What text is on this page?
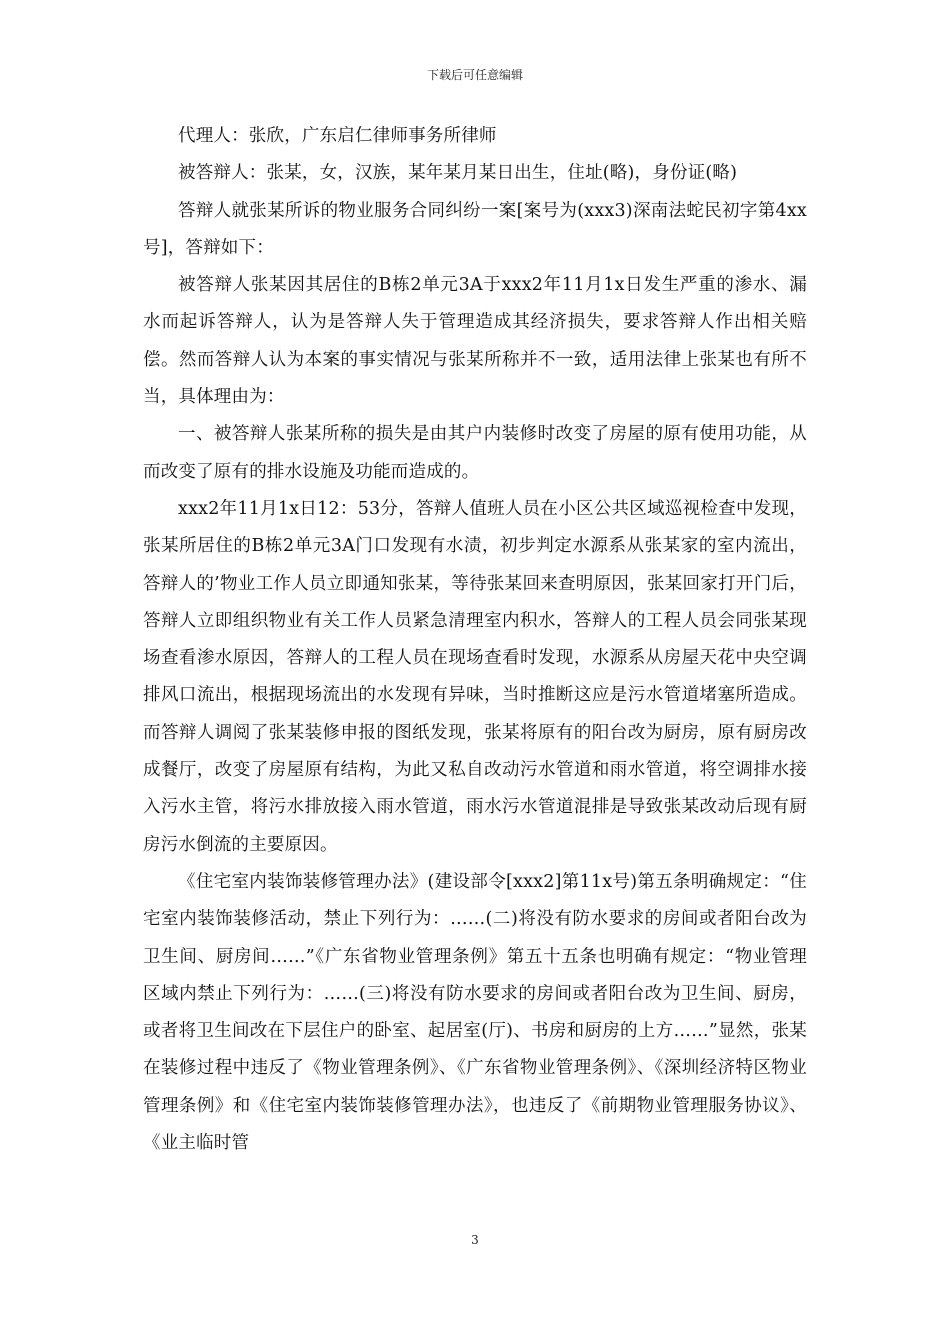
下载后可任意编辑

代理人：张欣，广东启仁律师事务所律师

被答辩人：张某，女，汉族，某年某月某日出生，住址(略)，身份证(略)

答辩人就张某所诉的物业服务合同纠纷一案[案号为(xxx3)深南法蛇民初字第4xx号]，答辩如下：

被答辩人张某因其居住的B栋2单元3A于xxx2年11月1x日发生严重的渗水、漏水而起诉答辩人，认为是答辩人失于管理造成其经济损失，要求答辩人作出相关赔偿。然而答辩人认为本案的事实情况与张某所称并不一致，适用法律上张某也有所不当，具体理由为：

一、被答辩人张某所称的损失是由其户内装修时改变了房屋的原有使用功能，从而改变了原有的排水设施及功能而造成的。

xxx2年11月1x日12：53分，答辩人值班人员在小区公共区域巡视检查中发现，张某所居住的B栋2单元3A门口发现有水渍，初步判定水源系从张某家的室内流出，答辩人的’物业工作人员立即通知张某，等待张某回来查明原因，张某回家打开门后，答辩人立即组织物业有关工作人员紧急清理室内积水，答辩人的工程人员会同张某现场查看渗水原因，答辩人的工程人员在现场查看时发现，水源系从房屋天花中央空调排风口流出，根据现场流出的水发现有异味，当时推断这应是污水管道堵塞所造成。而答辩人调阅了张某装修申报的图纸发现，张某将原有的阳台改为厨房，原有厨房改成餐厅，改变了房屋原有结构，为此又私自改动污水管道和雨水管道，将空调排水接入污水主管，将污水排放接入雨水管道，雨水污水管道混排是导致张某改动后现有厨房污水倒流的主要原因。

《住宅室内装饰装修管理办法》(建设部令[xxx2]第11x号)第五条明确规定：“住宅室内装饰装修活动，禁止下列行为：……(二)将没有防水要求的房间或者阳台改为卫生间、厨房间……”《广东省物业管理条例》第五十五条也明确有规定：“物业管理区域内禁止下列行为：……(三)将没有防水要求的房间或者阳台改为卫生间、厨房，或者将卫生间改在下层住户的卧室、起居室(厅)、书房和厨房的上方……”显然，张某在装修过程中违反了《物业管理条例》、《广东省物业管理条例》、《深圳经济特区物业管理条例》和《住宅室内装饰装修管理办法》，也违反了《前期物业管理服务协议》、《业主临时管

3
